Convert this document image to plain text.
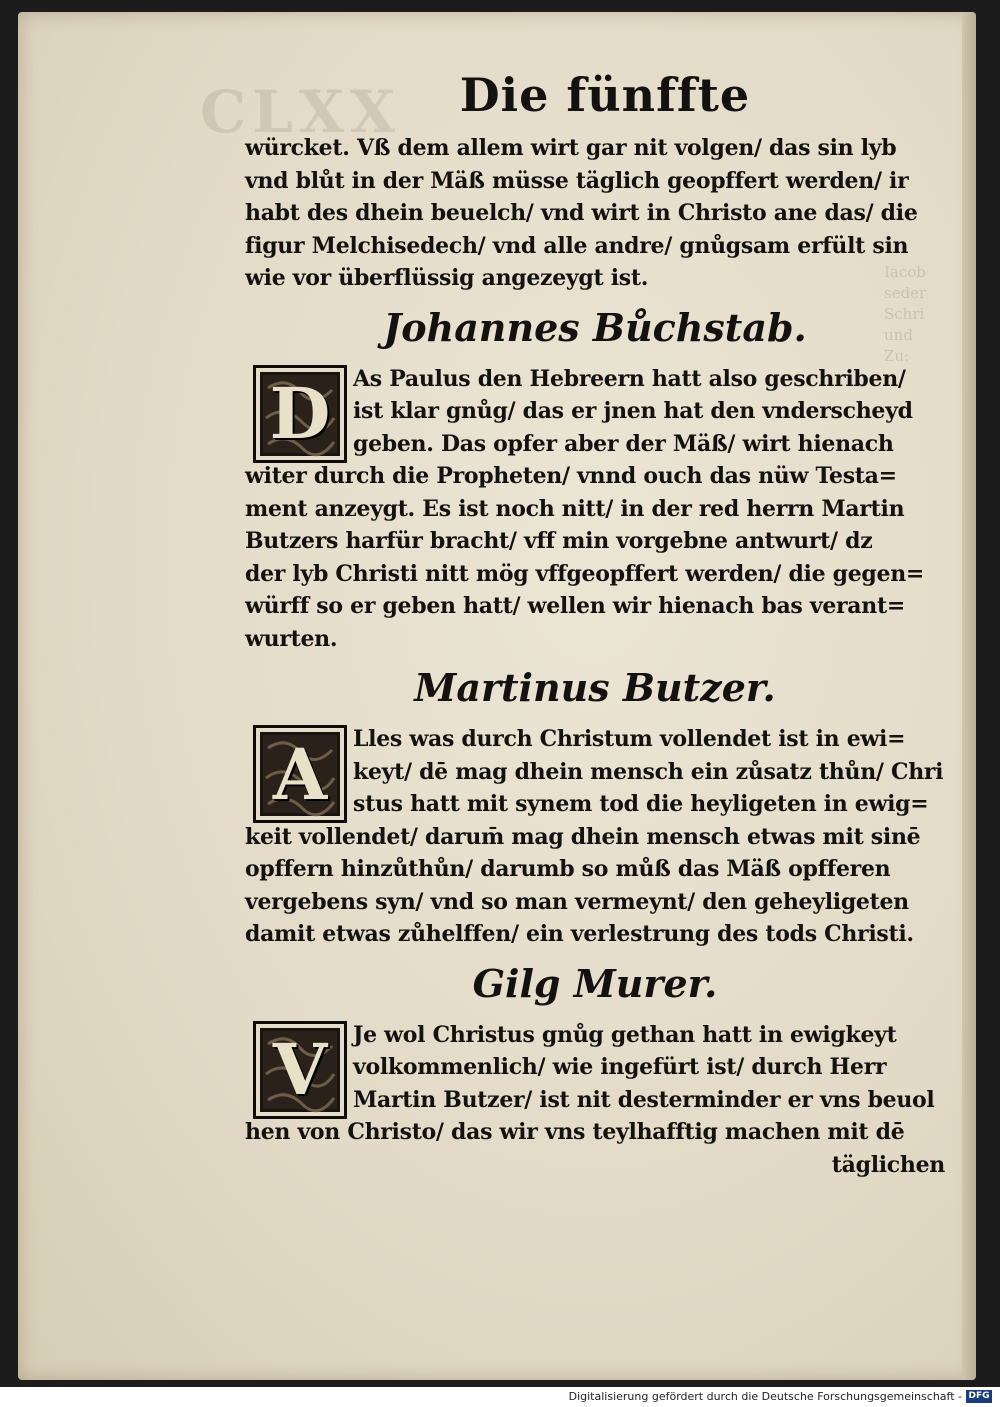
CLXX
Iacob
seder
Schri
und
Zu:
Die fünffte
würcket. Vß dem allem wirt gar nit volgen/ das sin lyb
vnd blůt in der Mäß müsse täglich geopffert werden/ ir
habt des dhein beuelch/ vnd wirt in Christo ane das/ die
figur Melchisedech/ vnd alle andre/ gnůgsam erfült sin
wie vor überflüssig angezeygt ist.
Johannes Bůchstab.
D	As Paulus den Hebreern hatt also geschriben/
ist klar gnůg/ das er jnen hat den vnderscheyd
geben. Das opfer aber der Mäß/ wirt hienach
witer durch die Propheten/ vnnd ouch das nüw Testa=
ment anzeygt. Es ist noch nitt/ in der red herrn Martin
Butzers harfür bracht/ vff min vorgebne antwurt/ dz
der lyb Christi nitt mög vffgeopffert werden/ die gegen=
würff so er geben hatt/ wellen wir hienach bas verant=
wurten.
Martinus Butzer.
A	Lles was durch Christum vollendet ist in ewi=
keyt/ dē mag dhein mensch ein zůsatz thůn/ Chri
stus hatt mit synem tod die heyligeten in ewig=
keit vollendet/ darum̄ mag dhein mensch etwas mit sinē
opffern hinzůthůn/ darumb so můß das Mäß opfferen
vergebens syn/ vnd so man vermeynt/ den geheyligeten
damit etwas zůhelffen/ ein verlestrung des tods Christi.
Gilg Murer.
V	Je wol Christus gnůg gethan hatt in ewigkeyt
volkommenlich/ wie ingefürt ist/ durch Herr
Martin Butzer/ ist nit desterminder er vns beuol
hen von Christo/ das wir vns teylhafftig machen mit dē
täglichen
Digitalisierung gefördert durch die Deutsche Forschungsgemeinschaft - DFG
